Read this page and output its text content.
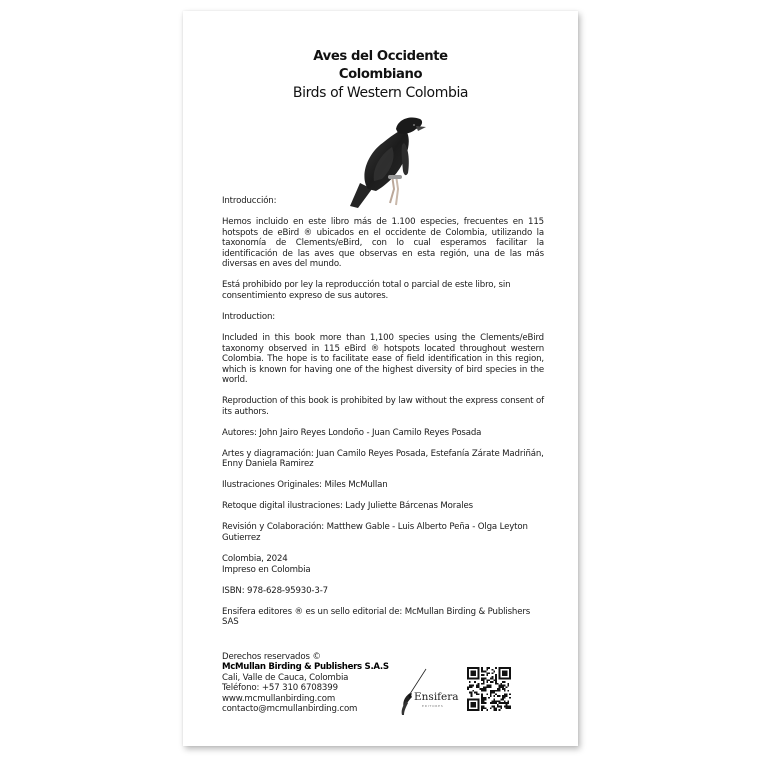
Aves del Occidente
Colombiano
Birds of Western Colombia

Introducción:

Hemos incluido en este libro más de 1.100 especies, frecuentes en 115 hotspots de eBird ® ubicados en el occidente de Colombia, utilizando la taxonomía de Clements/eBird, con lo cual esperamos facilitar la identificación de las aves que observas en esta región, una de las más diversas en aves del mundo.

Está prohibido por ley la reproducción total o parcial de este libro, sin consentimiento expreso de sus autores.

Introduction:

Included in this book more than 1,100 species using the Clements/eBird taxonomy observed in 115 eBird ® hotspots located throughout western Colombia. The hope is to facilitate ease of field identification in this region, which is known for having one of the highest diversity of bird species in the world.

Reproduction of this book is prohibited by law without the express consent of its authors.

Autores: John Jairo Reyes Londoño - Juan Camilo Reyes Posada

Artes y diagramación: Juan Camilo Reyes Posada, Estefanía Zárate Madriñán, Enny Daniela Ramirez

Ilustraciones Originales: Miles McMullan

Retoque digital ilustraciones: Lady Juliette Bárcenas Morales

Revisión y Colaboración: Matthew Gable - Luis Alberto Peña - Olga Leyton Gutierrez

Colombia, 2024
Impreso en Colombia

ISBN: 978-628-95930-3-7

Ensifera editores ® es un sello editorial de: McMullan Birding & Publishers SAS

Derechos reservados ©
McMullan Birding & Publishers S.A.S
Cali, Valle de Cauca, Colombia
Teléfono: +57 310 6708399
www.mcmullanbirding.com
contacto@mcmullanbirding.com
Ensifera
EDITORES
